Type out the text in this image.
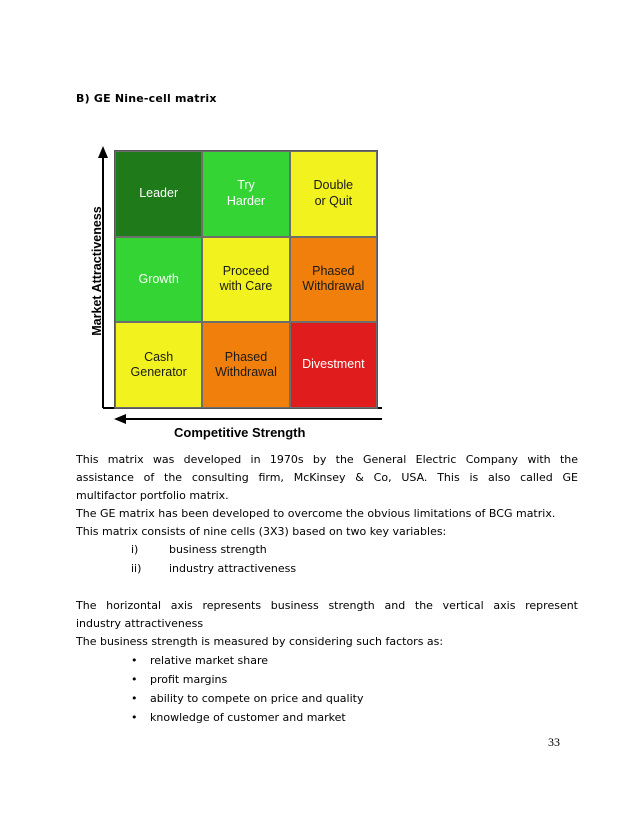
B) GE Nine-cell matrix
Leader
Try
Harder
Double
or Quit
Growth
Proceed
with Care
Phased
Withdrawal
Cash
Generator
Phased
Withdrawal
Divestment
Market Attractiveness
Competitive Strength
This matrix was developed in 1970s by the General Electric Company with the
assistance of the consulting firm, McKinsey & Co, USA. This is also called GE
multifactor portfolio matrix.
The GE matrix has been developed to overcome the obvious limitations of BCG matrix.
This matrix consists of nine cells (3X3) based on two key variables:
i)	business strength
ii)	industry attractiveness
The horizontal axis represents business strength and the vertical axis represent
industry attractiveness
The business strength is measured by considering such factors as:
• relative market share
• profit margins
• ability to compete on price and quality
• knowledge of customer and market
33
